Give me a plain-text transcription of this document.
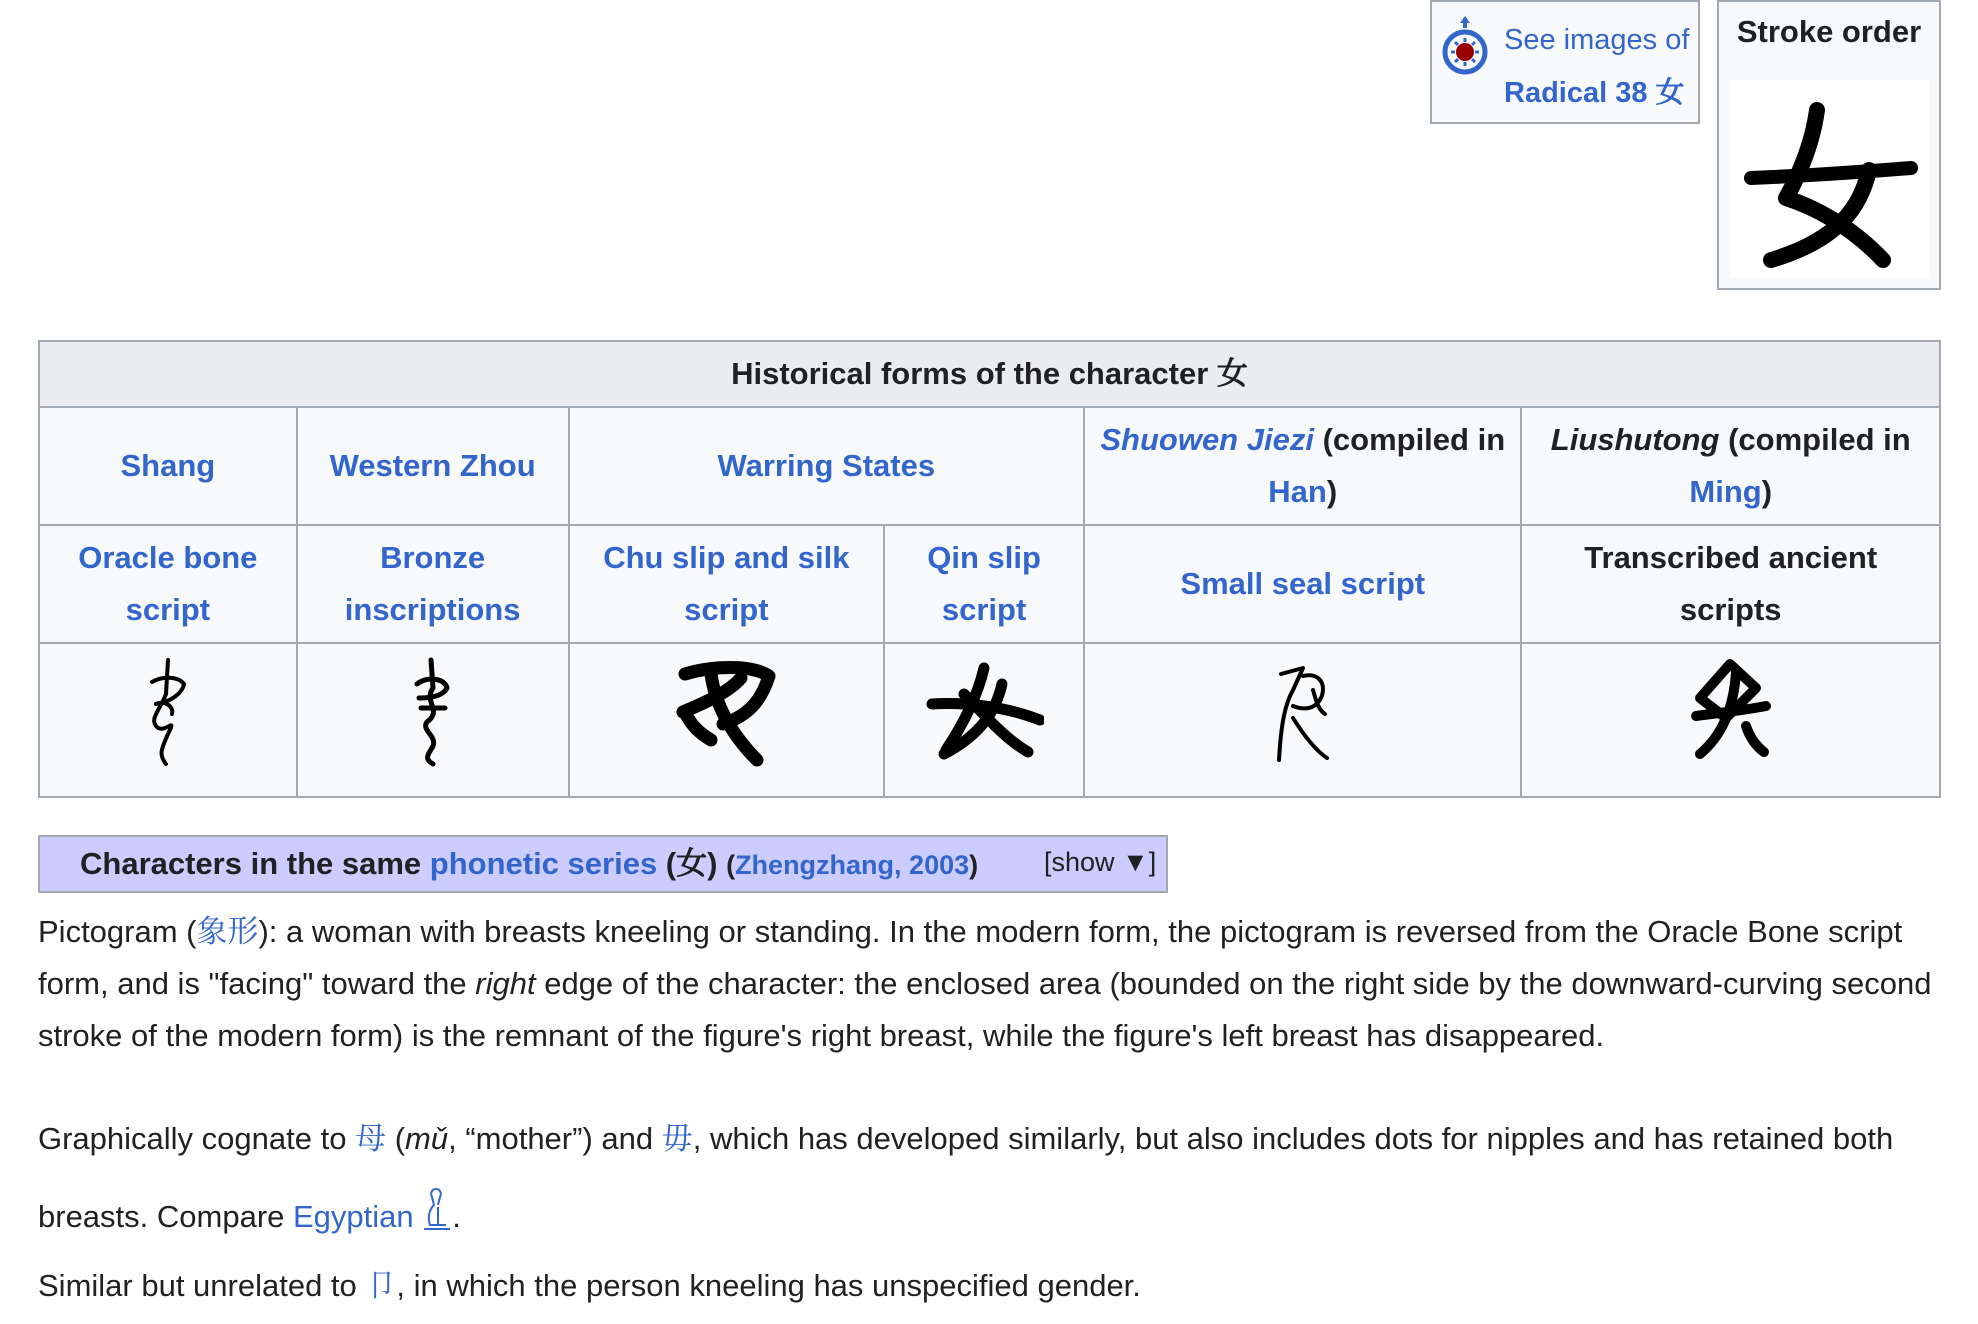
See images of
Radical 38 女
Stroke order
Historical forms of the character 女					
Shang	Western Zhou	Warring States		Shuowen Jiezi (compiled in Han)	Liushutong (compiled in Ming)
Oracle bone script	Bronze inscriptions	Chu slip and silk script	Qin slip script	Small seal script	Transcribed ancient scripts

Characters in the same phonetic series (女) (Zhengzhang, 2003) [show ▼]

Pictogram (象形): a woman with breasts kneeling or standing. In the modern form, the pictogram is reversed from the Oracle Bone script form, and is "facing" toward the right edge of the character: the enclosed area (bounded on the right side by the downward-curving second stroke of the modern form) is the remnant of the figure's right breast, while the figure's left breast has disappeared.

Graphically cognate to 母 (mǔ, “mother”) and 毋, which has developed similarly, but also includes dots for nipples and has retained both breasts. Compare Egyptian .

Similar but unrelated to 卩, in which the person kneeling has unspecified gender.
